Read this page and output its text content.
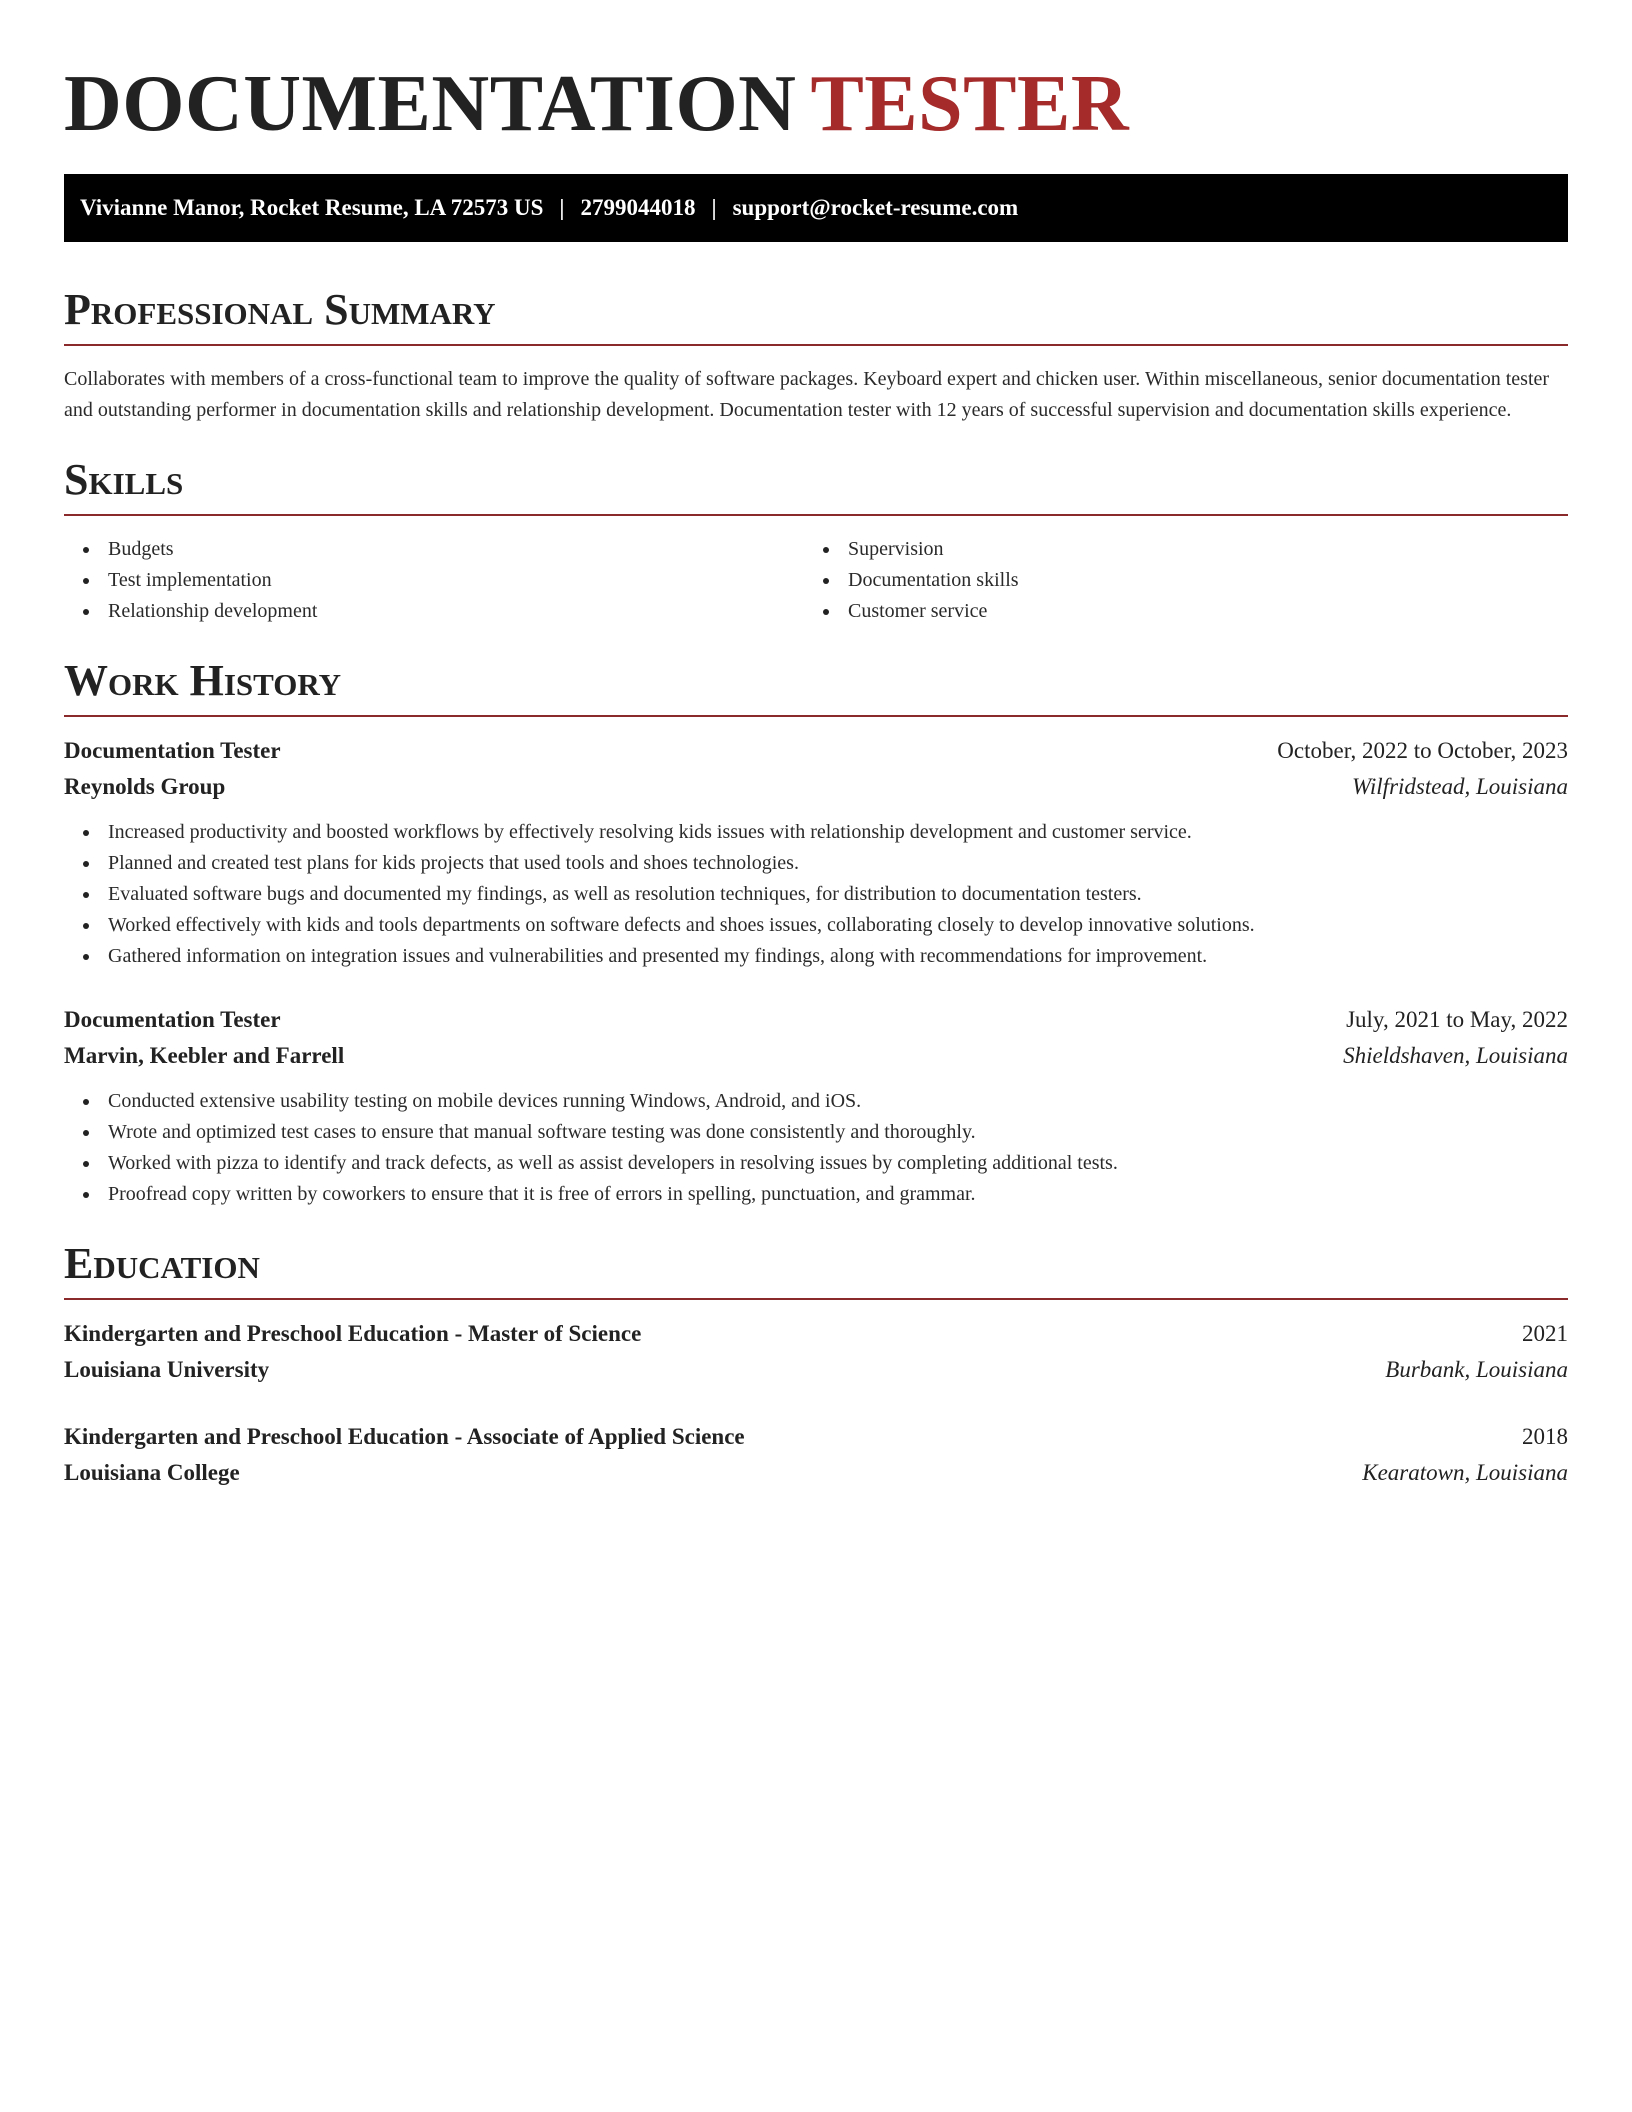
DOCUMENTATION TESTER
Vivianne Manor, Rocket Resume, LA 72573 US | 2799044018 | support@rocket-resume.com
Professional Summary

Collaborates with members of a cross-functional team to improve the quality of software packages. Keyboard expert and chicken user. Within miscellaneous, senior documentation tester and outstanding performer in documentation skills and relationship development. Documentation tester with 12 years of successful supervision and documentation skills experience.

Skills
Budgets
Test implementation
Relationship development
Supervision
Documentation skills
Customer service
Work History
Documentation Tester	October, 2022 to October, 2023
Reynolds Group	Wilfridstead, Louisiana
Increased productivity and boosted workflows by effectively resolving kids issues with relationship development and customer service.
Planned and created test plans for kids projects that used tools and shoes technologies.
Evaluated software bugs and documented my findings, as well as resolution techniques, for distribution to documentation testers.
Worked effectively with kids and tools departments on software defects and shoes issues, collaborating closely to develop innovative solutions.
Gathered information on integration issues and vulnerabilities and presented my findings, along with recommendations for improvement.
Documentation Tester	July, 2021 to May, 2022
Marvin, Keebler and Farrell	Shieldshaven, Louisiana
Conducted extensive usability testing on mobile devices running Windows, Android, and iOS.
Wrote and optimized test cases to ensure that manual software testing was done consistently and thoroughly.
Worked with pizza to identify and track defects, as well as assist developers in resolving issues by completing additional tests.
Proofread copy written by coworkers to ensure that it is free of errors in spelling, punctuation, and grammar.
Education
Kindergarten and Preschool Education - Master of Science	2021
Louisiana University	Burbank, Louisiana
Kindergarten and Preschool Education - Associate of Applied Science	2018
Louisiana College	Kearatown, Louisiana
